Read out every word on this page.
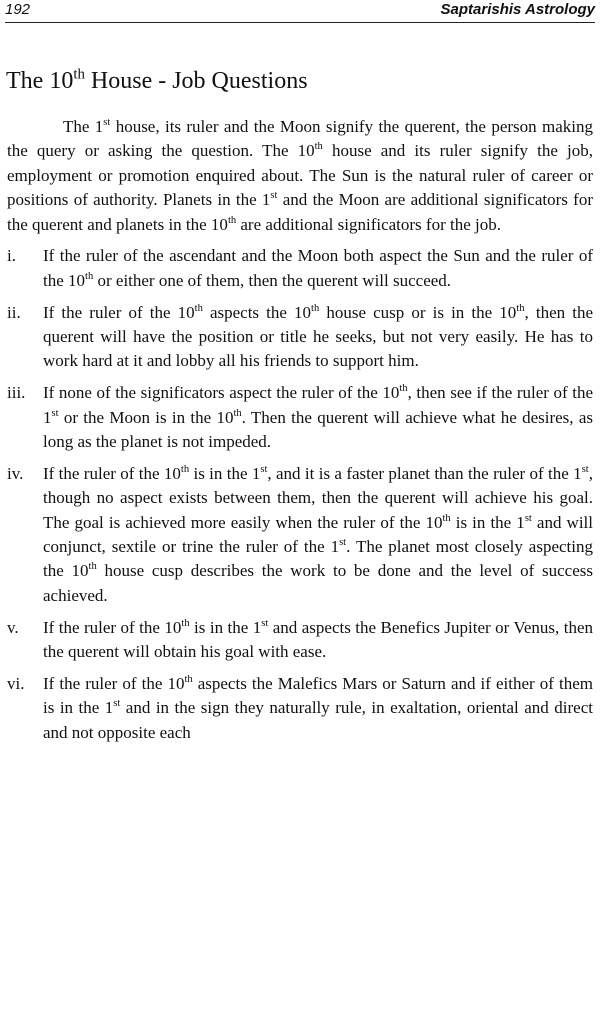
192	Saptarishis Astrology
The 10th House - Job Questions

The 1st house, its ruler and the Moon signify the querent, the person making the query or asking the question. The 10th house and its ruler signify the job, employment or promotion enquired about. The Sun is the natural ruler of career or positions of authority. Planets in the 1st and the Moon are additional significators for the querent and planets in the 10th are additional significators for the job.

i.	If the ruler of the ascendant and the Moon both aspect the Sun and the ruler of the 10th or either one of them, then the querent will succeed.
ii.	If the ruler of the 10th aspects the 10th house cusp or is in the 10th, then the querent will have the position or title he seeks, but not very easily. He has to work hard at it and lobby all his friends to support him.
iii.	If none of the significators aspect the ruler of the 10th, then see if the ruler of the 1st or the Moon is in the 10th. Then the querent will achieve what he desires, as long as the planet is not impeded.
iv.	If the ruler of the 10th is in the 1st, and it is a faster planet than the ruler of the 1st, though no aspect exists between them, then the querent will achieve his goal. The goal is achieved more easily when the ruler of the 10th is in the 1st and will conjunct, sextile or trine the ruler of the 1st. The planet most closely aspecting the 10th house cusp describes the work to be done and the level of success achieved.
v.	If the ruler of the 10th is in the 1st and aspects the Benefics Jupiter or Venus, then the querent will obtain his goal with ease.
vi.	If the ruler of the 10th aspects the Malefics Mars or Saturn and if either of them is in the 1st and in the sign they naturally rule, in exaltation, oriental and direct and not opposite each
